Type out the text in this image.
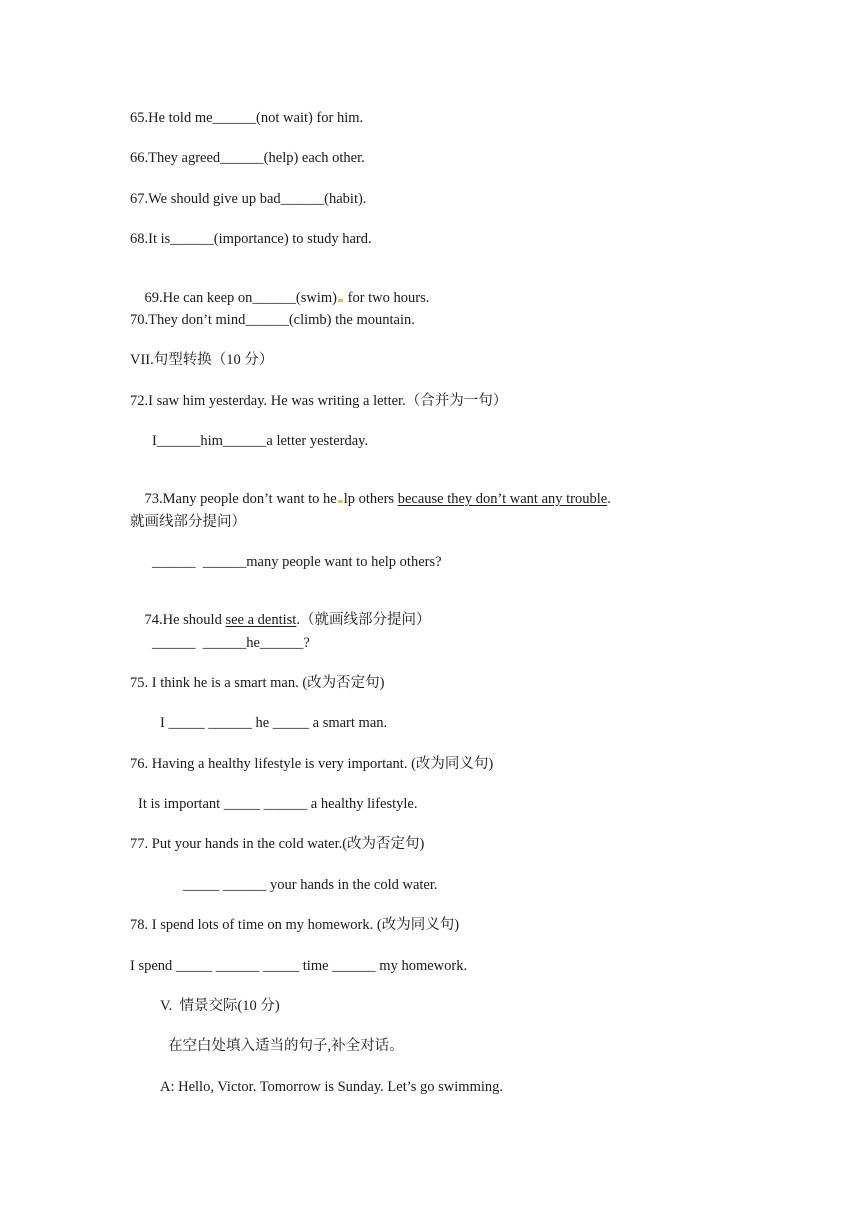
65.He told me______(not wait) for him.
66.They agreed______(help) each other.
67.We should give up bad______(habit).
68.It is______(importance) to study hard.

69.He can keep on______(swim) for two hours.

70.They don’t mind______(climb) the mountain.
VII.句型转换（10 分）
72.I saw him yesterday. He was writing a letter.（合并为一句）
I______him______a letter yesterday.

73.Many people don’t want to he lp others because they don’t want any trouble.

就画线部分提问）
______  ______many people want to help others?

74.He should see a dentist.（就画线部分提问）

______  ______he______?
75. I think he is a smart man. (改为否定句)
I _____ ______ he _____ a smart man.
76. Having a healthy lifestyle is very important. (改为同义句)
It is important _____ ______ a healthy lifestyle.
77. Put your hands in the cold water.(改为否定句)
_____ ______ your hands in the cold water.
78. I spend lots of time on my homework. (改为同义句)
I spend _____ ______ _____ time ______ my homework.
V.  情景交际(10 分)
在空白处填入适当的句子,补全对话。
A: Hello, Victor. Tomorrow is Sunday. Let’s go swimming.
